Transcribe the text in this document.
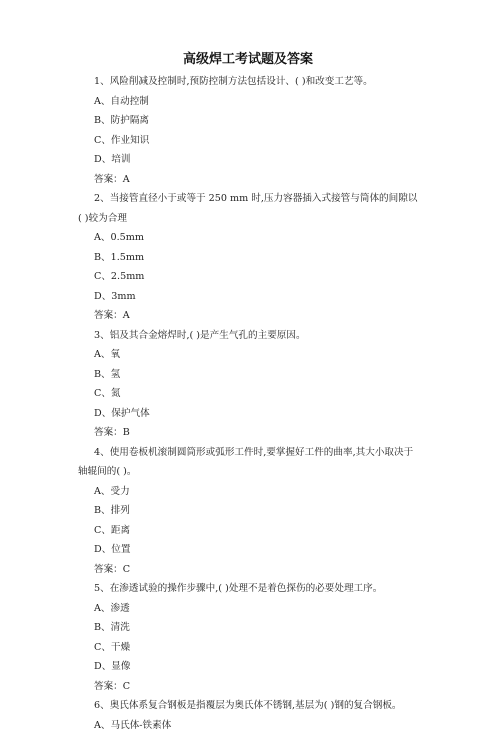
高级焊工考试题及答案
1、风险削减及控制时,预防控制方法包括设计、( )和改变工艺等。
A、自动控制
B、防护隔离
C、作业知识
D、培训
答案：A
2、当接管直径小于或等于 250 mm 时,压力容器插入式接管与筒体的间隙以( )较为合理
A、0.5mm
B、1.5mm
C、2.5mm
D、3mm
答案：A
3、铝及其合金熔焊时,( )是产生气孔的主要原因。
A、氧
B、氢
C、氮
D、保护气体
答案：B
4、使用卷板机滚制圆筒形或弧形工件时,要掌握好工件的曲率,其大小取决于轴辊间的( )。
A、受力
B、排列
C、距离
D、位置
答案：C
5、在渗透试验的操作步骤中,( )处理不是着色探伤的必要处理工序。
A、渗透
B、清洗
C、干燥
D、显像
答案：C
6、奥氏体系复合钢板是指覆层为奥氏体不锈钢,基层为( )钢的复合钢板。
A、马氏体-铁素体
